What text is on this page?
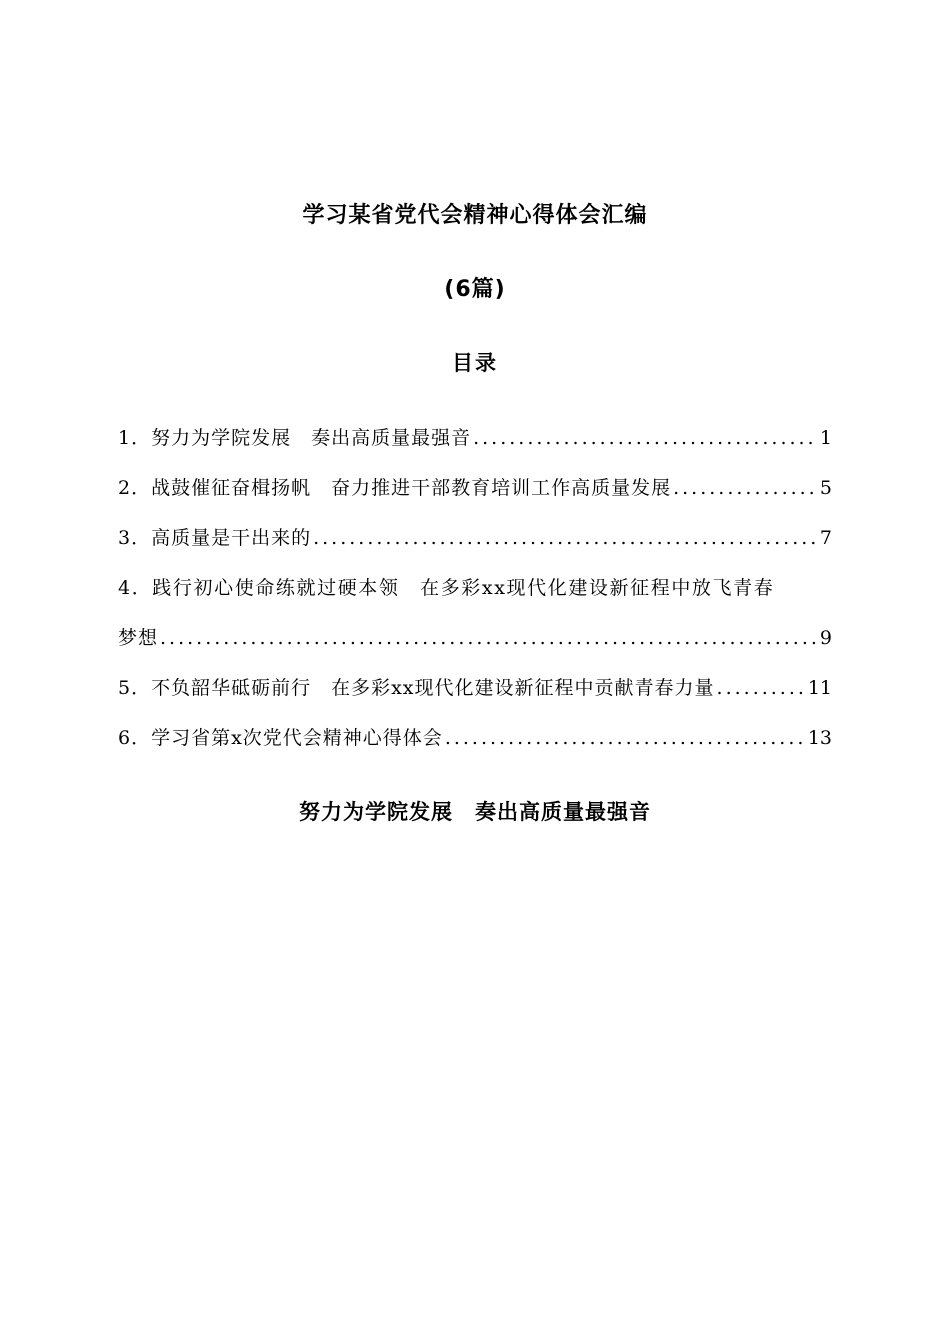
学习某省党代会精神心得体会汇编
(6篇)
目录
1．努力为学院发展　奏出高质量最强音 .....	1
2．战鼓催征奋楫扬帆　奋力推进干部教育培训工作高质量发展 .....	5
3．高质量是干出来的 .....	7
4．践行初心使命练就过硬本领　在多彩xx现代化建设新征程中放飞青春
梦想 .....	9
5．不负韶华砥砺前行　在多彩xx现代化建设新征程中贡献青春力量 .....	11
6．学习省第x次党代会精神心得体会 .....	13
努力为学院发展　奏出高质量最强音
